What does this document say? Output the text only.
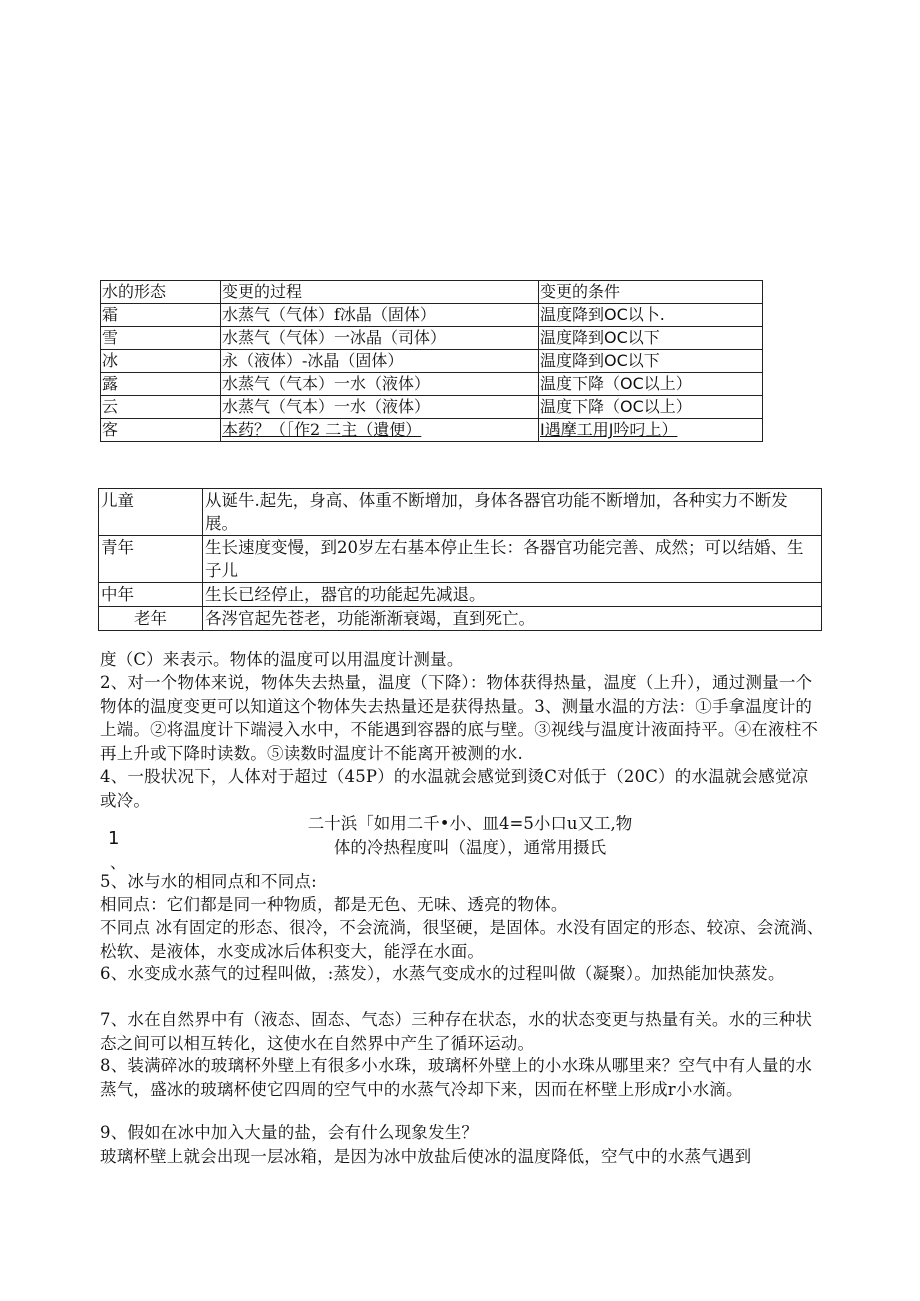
水的形态	变更的过程	变更的条件
霜	水蒸气（气体）f冰晶（固体）	温度降到OC以卜.
雪	水蒸气（气体）一冰晶（司体）	温度降到OC以下
冰	永（液体）-冰晶（固体）	温度降到OC以下
露	水蒸气（气本）一水（液体）	温度下降（OC以上）
云	水蒸气（气本）一水（液体）	温度下降（OC以上）
客	本药？（［作2 二主（遺便）	I遇摩工用J吟叼上）
儿童	从诞牛.起先，身高、体重不断增加，身体各器官功能不断增加，各种实力不断发展。
青年	生长速度变慢，到20岁左右基本停止生长：各器官功能完善、成然；可以结婚、生子儿
中年	生长已经停止，器官的功能起先减退。
老年	各涔官起先苍老，功能渐渐衰竭，直到死亡。

度（C）来表示。物体的温度可以用温度计测量。

2、对一个物体来说，物体失去热量，温度（下降）：物体获得热量，温度（上升），通过测量一个物体的温度变更可以知道这个物体失去热量还是获得热量。3、测量水温的方法：①手拿温度计的上端。②将温度计下端浸入水中，不能遇到容器的底与壁。③视线与温度计液面持平。④在液柱不再上升或下降时读数。⑤读数时温度计不能离开被测的水.

4、一股状况下，人体对于超过（45P）的水温就会感觉到烫C对低于（20C）的水温就会感觉凉或冷。

二十浜「如用二千•小、皿4=5小口u又工,物
体的冷热程度叫（温度），通常用摄氏
1
、

5、冰与水的相同点和不同点:

相同点：它们都是同一种物质，都是无色、无味、透亮的物体。

不同点 冰有固定的形态、很冷，不会流淌，很坚硬，是固体。水没有固定的形态、较凉、会流淌、松软、是液体，水变成冰后体积变大，能浮在水面。

6、水变成水蒸气的过程叫做，:蒸发），水蒸气变成水的过程叫做（凝聚）。加热能加快蒸发。

7、水在自然界中有（液态、固态、气态）三种存在状态，水的状态变更与热量有关。水的三种状态之间可以相互转化，这使水在自然界中产生了循环运动。

8、装满碎冰的玻璃杯外壁上有很多小水珠，玻璃杯外壁上的小水珠从哪里来？空气中有人量的水蒸气，盛冰的玻璃杯使它四周的空气中的水蒸气冷却下来，因而在杯壁上形成r小水滴。

9、假如在冰中加入大量的盐，会有什么现象发生？

玻璃杯壁上就会出现一层冰箱，是因为冰中放盐后使冰的温度降低，空气中的水蒸气遇到
